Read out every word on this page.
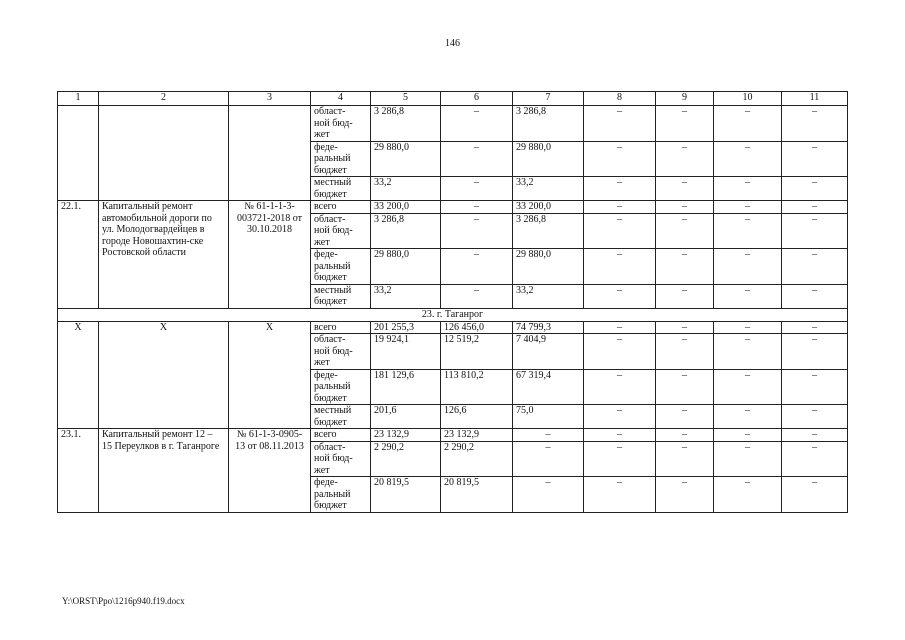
146
1	2	3	4	5	6	7	8	9	10	11
			облаcт-
ной бюд-
жет	3 286,8	–	3 286,8	–	–	–	–
			феде-
ральный
бюджет	29 880,0	–	29 880,0	–	–	–	–
			местный
бюджет	33,2	–	33,2	–	–	–	–
22.1.	Капитальный ремонт автомобильной дороги по ул. Молодогвардейцев в городе Новошахтин-ске Ростовской области	№ 61-1-1-3-003721-2018 от 30.10.2018	всего	33 200,0	–	33 200,0	–	–	–	–
			облаcт-
ной бюд-
жет	3 286,8	–	3 286,8	–	–	–	–
			феде-
ральный
бюджет	29 880,0	–	29 880,0	–	–	–	–
			местный
бюджет	33,2	–	33,2	–	–	–	–
23. г. Таганрог										
X	X	X	всего	201 255,3	126 456,0	74 799,3	–	–	–	–
			облаcт-
ной бюд-
жет	19 924,1	12 519,2	7 404,9	–	–	–	–
			феде-
ральный
бюджет	181 129,6	113 810,2	67 319,4	–	–	–	–
			местный
бюджет	201,6	126,6	75,0	–	–	–	–
23.1.	Капитальный ремонт 12 – 15 Переулков в г. Таганроге	№ 61-1-3-0905-13 от 08.11.2013	всего	23 132,9	23 132,9	–	–	–	–	–
			облаcт-
ной бюд-
жет	2 290,2	2 290,2	–	–	–	–	–
			феде-
ральный
бюджет	20 819,5	20 819,5	–	–	–	–	–
Y:\ORST\Ppo\1216p940.f19.docx
